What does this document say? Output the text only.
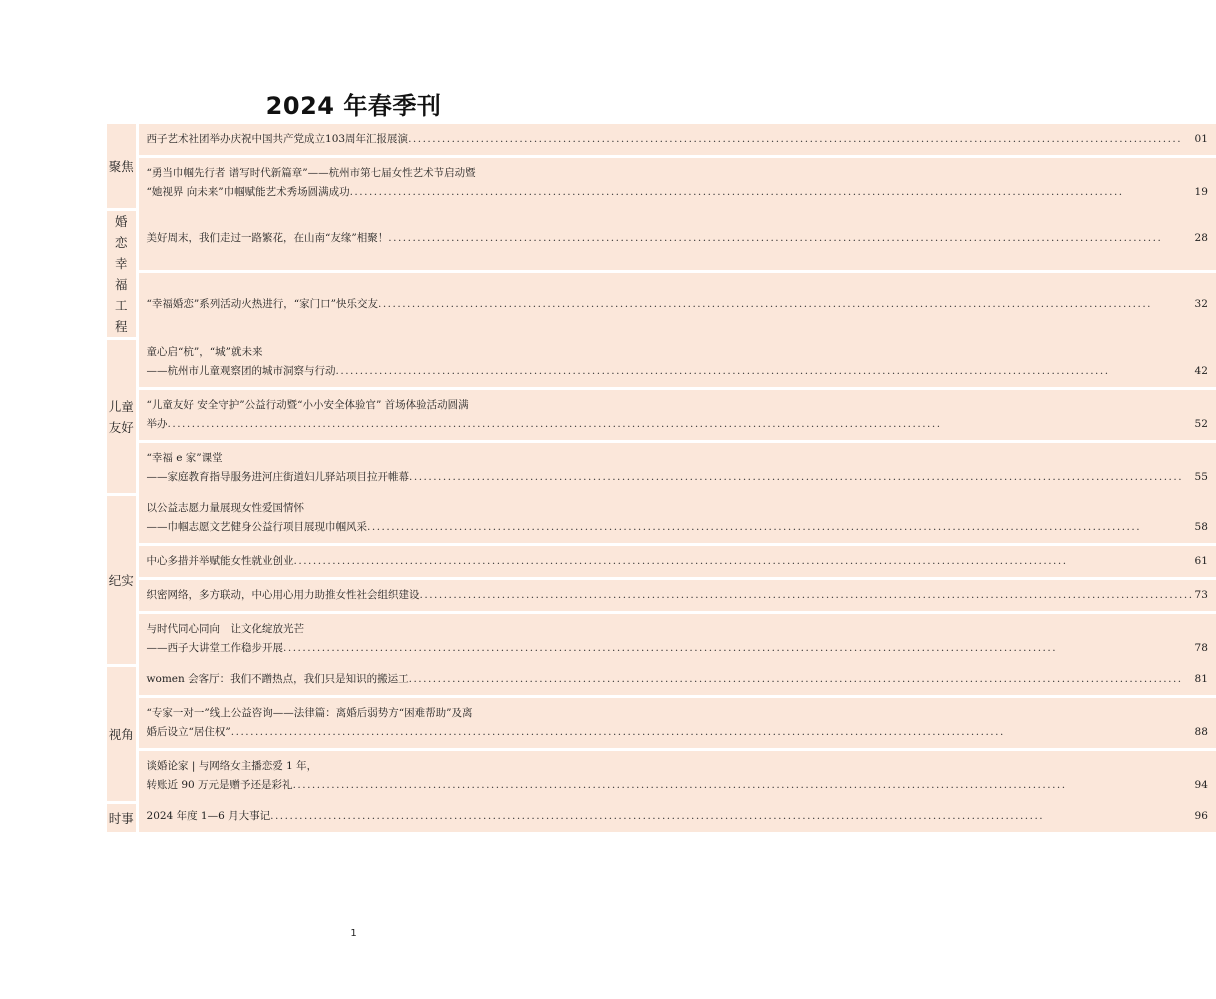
2024 年春季刊
聚焦	西子艺术社团举办庆祝中国共产党成立103周年汇报展演 ..... 01

	“勇当巾帼先行者 谱写时代新篇章”——杭州市第七届女性艺术节启动暨
“她视界 向未来”巾帼赋能艺术秀场圆满成功 ..... 19

婚恋幸福工程	美好周末，我们走过一路繁花，在山南“友缘”相聚！ ..... 28

	“幸福婚恋”系列活动火热进行，“家门口”快乐交友 ..... 32

儿童友好	童心启“杭”，“城”就未来
——杭州市儿童观察团的城市洞察与行动 ..... 42

	“儿童友好 安全守护”公益行动暨“小小安全体验官” 首场体验活动圆满
举办 ..... 52

	“幸福 e 家”课堂
——家庭教育指导服务进河庄街道妇儿驿站项目拉开帷幕 ..... 55

纪实	以公益志愿力量展现女性爱国情怀
——巾帼志愿文艺健身公益行项目展现巾帼风采 ..... 58

	中心多措并举赋能女性就业创业 ..... 61

	织密网络，多方联动，中心用心用力助推女性社会组织建设 ..... 73

	与时代同心同向　让文化绽放光芒
——西子大讲堂工作稳步开展 ..... 78

视角	women 会客厅：我们不蹭热点，我们只是知识的搬运工 ..... 81

	“专家一对一”线上公益咨询——法律篇：离婚后弱势方“困难帮助”及离
婚后设立“居住权” ..... 88

	谈婚论家 | 与网络女主播恋爱 1 年，
转账近 90 万元是赠予还是彩礼 ..... 94

时事	2024 年度 1—6 月大事记 ..... 96
1
